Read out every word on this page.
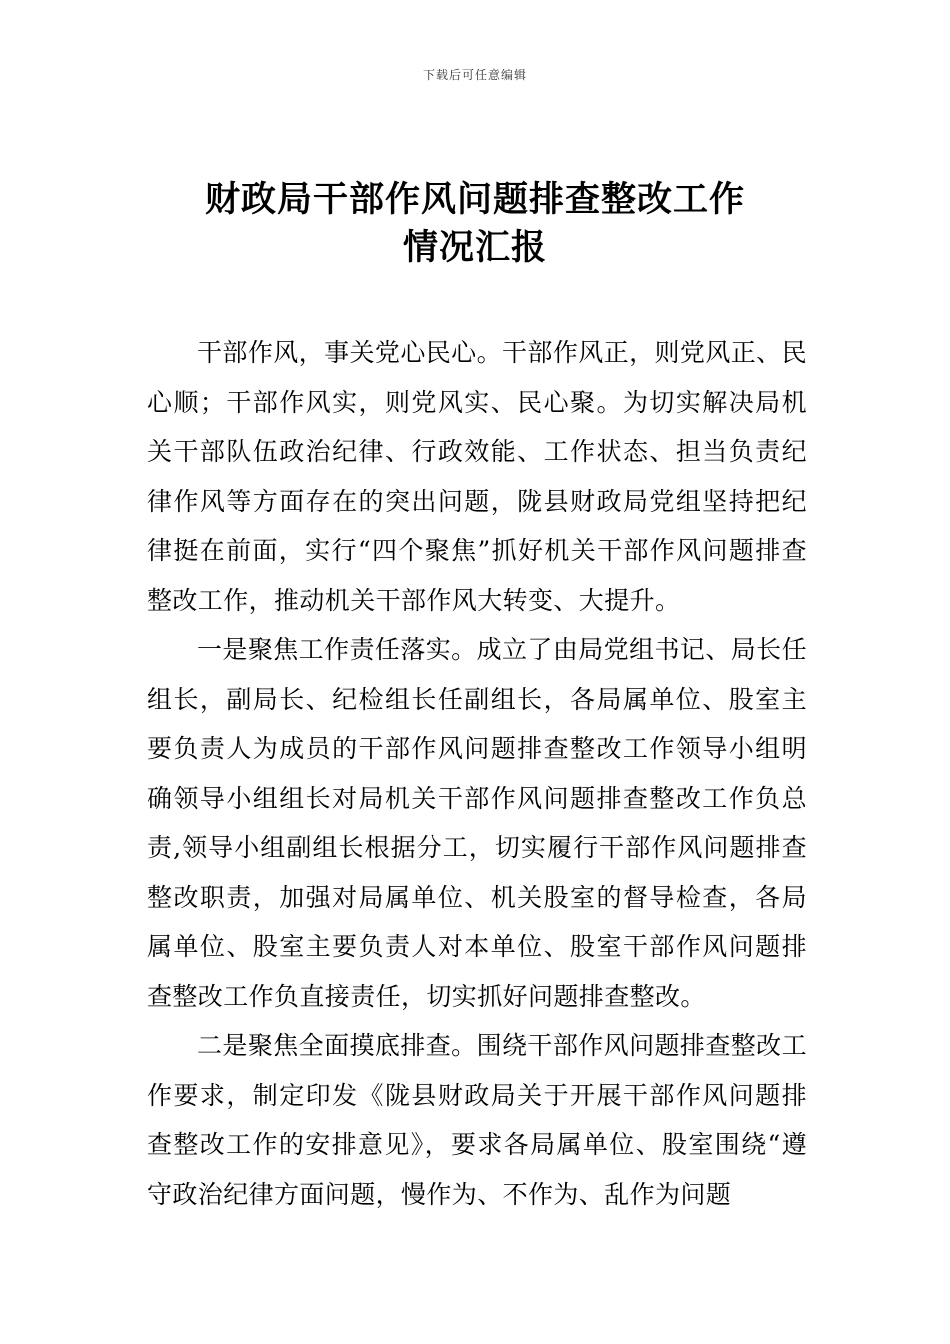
下载后可任意编辑
财政局干部作风问题排查整改工作
情况汇报

干部作风，事关党心民心。干部作风正，则党风正、民心顺；干部作风实，则党风实、民心聚。为切实解决局机关干部队伍政治纪律、行政效能、工作状态、担当负责纪律作风等方面存在的突出问题，陇县财政局党组坚持把纪律挺在前面，实行“四个聚焦”抓好机关干部作风问题排查整改工作，推动机关干部作风大转变、大提升。

一是聚焦工作责任落实。成立了由局党组书记、局长任组长，副局长、纪检组长任副组长，各局属单位、股室主要负责人为成员的干部作风问题排查整改工作领导小组明确领导小组组长对局机关干部作风问题排查整改工作负总责,领导小组副组长根据分工，切实履行干部作风问题排查整改职责，加强对局属单位、机关股室的督导检查，各局属单位、股室主要负责人对本单位、股室干部作风问题排查整改工作负直接责任，切实抓好问题排查整改。

二是聚焦全面摸底排查。围绕干部作风问题排查整改工作要求，制定印发《陇县财政局关于开展干部作风问题排查整改工作的安排意见》，要求各局属单位、股室围绕“遵守政治纪律方面问题，慢作为、不作为、乱作为问题
